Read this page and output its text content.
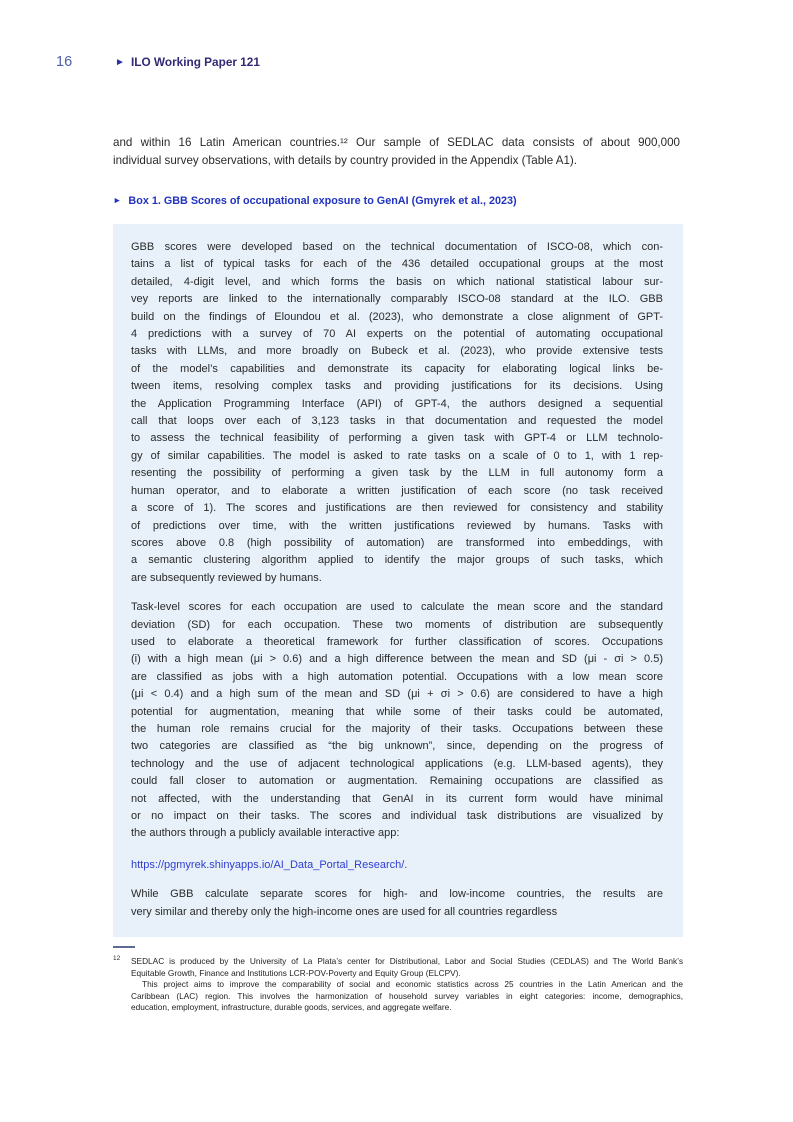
16	► ILO Working Paper 121
and within 16 Latin American countries.¹² Our sample of SEDLAC data consists of about 900,000
individual survey observations, with details by country provided in the Appendix (Table A1).
► Box 1. GBB Scores of occupational exposure to GenAI (Gmyrek et al., 2023)
GBB scores were developed based on the technical documentation of ISCO-08, which con-
tains a list of typical tasks for each of the 436 detailed occupational groups at the most
detailed, 4-digit level, and which forms the basis on which national statistical labour sur-
vey reports are linked to the internationally comparably ISCO-08 standard at the ILO. GBB
build on the findings of Eloundou et al. (2023), who demonstrate a close alignment of GPT-
4 predictions with a survey of 70 AI experts on the potential of automating occupational
tasks with LLMs, and more broadly on Bubeck et al. (2023), who provide extensive tests
of the model’s capabilities and demonstrate its capacity for elaborating logical links be-
tween items, resolving complex tasks and providing justifications for its decisions. Using
the Application Programming Interface (API) of GPT-4, the authors designed a sequential
call that loops over each of 3,123 tasks in that documentation and requested the model
to assess the technical feasibility of performing a given task with GPT-4 or LLM technolo-
gy of similar capabilities. The model is asked to rate tasks on a scale of 0 to 1, with 1 rep-
resenting the possibility of performing a given task by the LLM in full autonomy form a
human operator, and to elaborate a written justification of each score (no task received
a score of 1). The scores and justifications are then reviewed for consistency and stability
of predictions over time, with the written justifications reviewed by humans. Tasks with
scores above 0.8 (high possibility of automation) are transformed into embeddings, with
a semantic clustering algorithm applied to identify the major groups of such tasks, which
are subsequently reviewed by humans.
Task-level scores for each occupation are used to calculate the mean score and the standard
deviation (SD) for each occupation. These two moments of distribution are subsequently
used to elaborate a theoretical framework for further classification of scores. Occupations
(i) with a high mean (μi > 0.6) and a high difference between the mean and SD (μi - σi > 0.5)
are classified as jobs with a high automation potential. Occupations with a low mean score
(μi < 0.4) and a high sum of the mean and SD (μi + σi > 0.6) are considered to have a high
potential for augmentation, meaning that while some of their tasks could be automated,
the human role remains crucial for the majority of their tasks. Occupations between these
two categories are classified as “the big unknown”, since, depending on the progress of
technology and the use of adjacent technological applications (e.g. LLM-based agents), they
could fall closer to automation or augmentation. Remaining occupations are classified as
not affected, with the understanding that GenAI in its current form would have minimal
or no impact on their tasks. The scores and individual task distributions are visualized by
the authors through a publicly available interactive app:
https://pgmyrek.shinyapps.io/AI_Data_Portal_Research/.
While GBB calculate separate scores for high- and low-income countries, the results are
very similar and thereby only the high-income ones are used for all countries regardless
12 SEDLAC is produced by the University of La Plata’s center for Distributional, Labor and Social Studies (CEDLAS) and The World Bank’s
Equitable Growth, Finance and Institutions LCR-POV-Poverty and Equity Group (ELCPV).
This project aims to improve the comparability of social and economic statistics across 25 countries in the Latin American and the
Caribbean (LAC) region. This involves the harmonization of household survey variables in eight categories: income, demographics,
education, employment, infrastructure, durable goods, services, and aggregate welfare.
